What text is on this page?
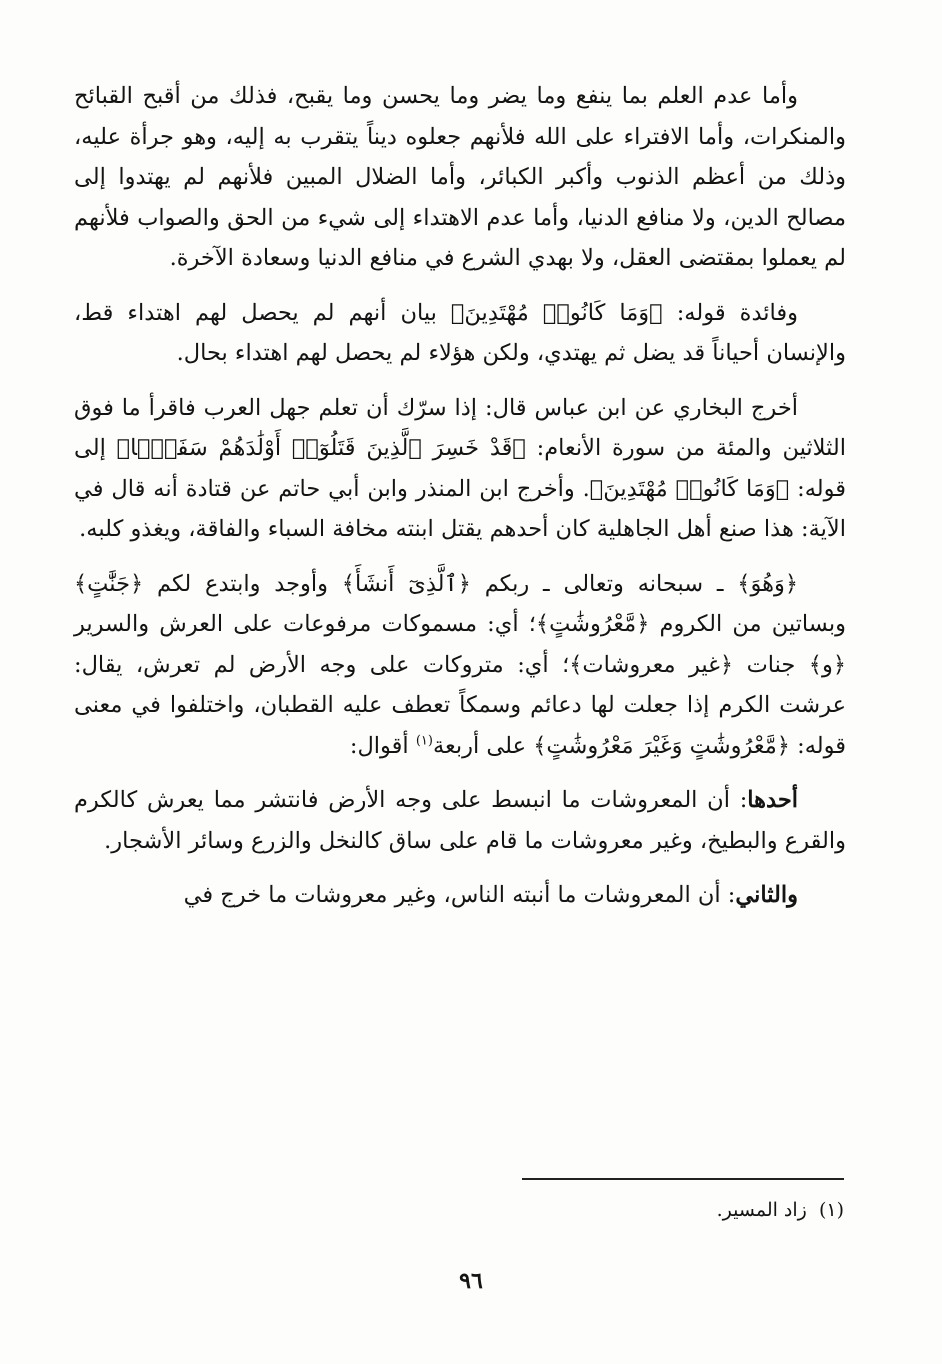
وأما عدم العلم بما ينفع وما يضر وما يحسن وما يقبح، فذلك من أقبح القبائح والمنكرات، وأما الافتراء على الله فلأنهم جعلوه ديناً يتقرب به إليه، وهو جرأة عليه، وذلك من أعظم الذنوب وأكبر الكبائر، وأما الضلال المبين فلأنهم لم يهتدوا إلى مصالح الدين، ولا منافع الدنيا، وأما عدم الاهتداء إلى شيء من الحق والصواب فلأنهم لم يعملوا بمقتضى العقل، ولا بهدي الشرع في منافع الدنيا وسعادة الآخرة.

وفائدة قوله: ﴿وَمَا كَانُوا۟ مُهْتَدِينَ﴾ بيان أنهم لم يحصل لهم اهتداء قط، والإنسان أحياناً قد يضل ثم يهتدي، ولكن هؤلاء لم يحصل لهم اهتداء بحال.

أخرج البخاري عن ابن عباس قال: إذا سرّك أن تعلم جهل العرب فاقرأ ما فوق الثلاثين والمئة من سورة الأنعام: ﴿قَدْ خَسِرَ ٱلَّذِينَ قَتَلُوٓا۟ أَوْلَٰدَهُمْ سَفَهًۢا﴾ إلى قوله: ﴿وَمَا كَانُوا۟ مُهْتَدِينَ﴾. وأخرج ابن المنذر وابن أبي حاتم عن قتادة أنه قال في الآية: هذا صنع أهل الجاهلية كان أحدهم يقتل ابنته مخافة السباء والفاقة، ويغذو كلبه.

﴿وَهُوَ﴾ ـ سبحانه وتعالى ـ ربكم ﴿ٱلَّذِىٓ أَنشَأَ﴾ وأوجد وابتدع لكم ﴿جَنَّٰتٍ﴾ وبساتين من الكروم ﴿مَّعْرُوشَٰتٍ﴾؛ أي: مسموكات مرفوعات على العرش والسرير ﴿و﴾ جنات ﴿غير معروشات﴾؛ أي: متروكات على وجه الأرض لم تعرش، يقال: عرشت الكرم إذا جعلت لها دعائم وسمكاً تعطف عليه القطبان، واختلفوا في معنى قوله: ﴿مَّعْرُوشَٰتٍ وَغَيْرَ مَعْرُوشَٰتٍ﴾ على أربعة$^{(١)}$ أقوال:

أحدها: أن المعروشات ما انبسط على وجه الأرض فانتشر مما يعرش كالكرم والقرع والبطيخ، وغير معروشات ما قام على ساق كالنخل والزرع وسائر الأشجار.

والثاني: أن المعروشات ما أنبته الناس، وغير معروشات ما خرج في

(١)  زاد المسير.
٩٦
